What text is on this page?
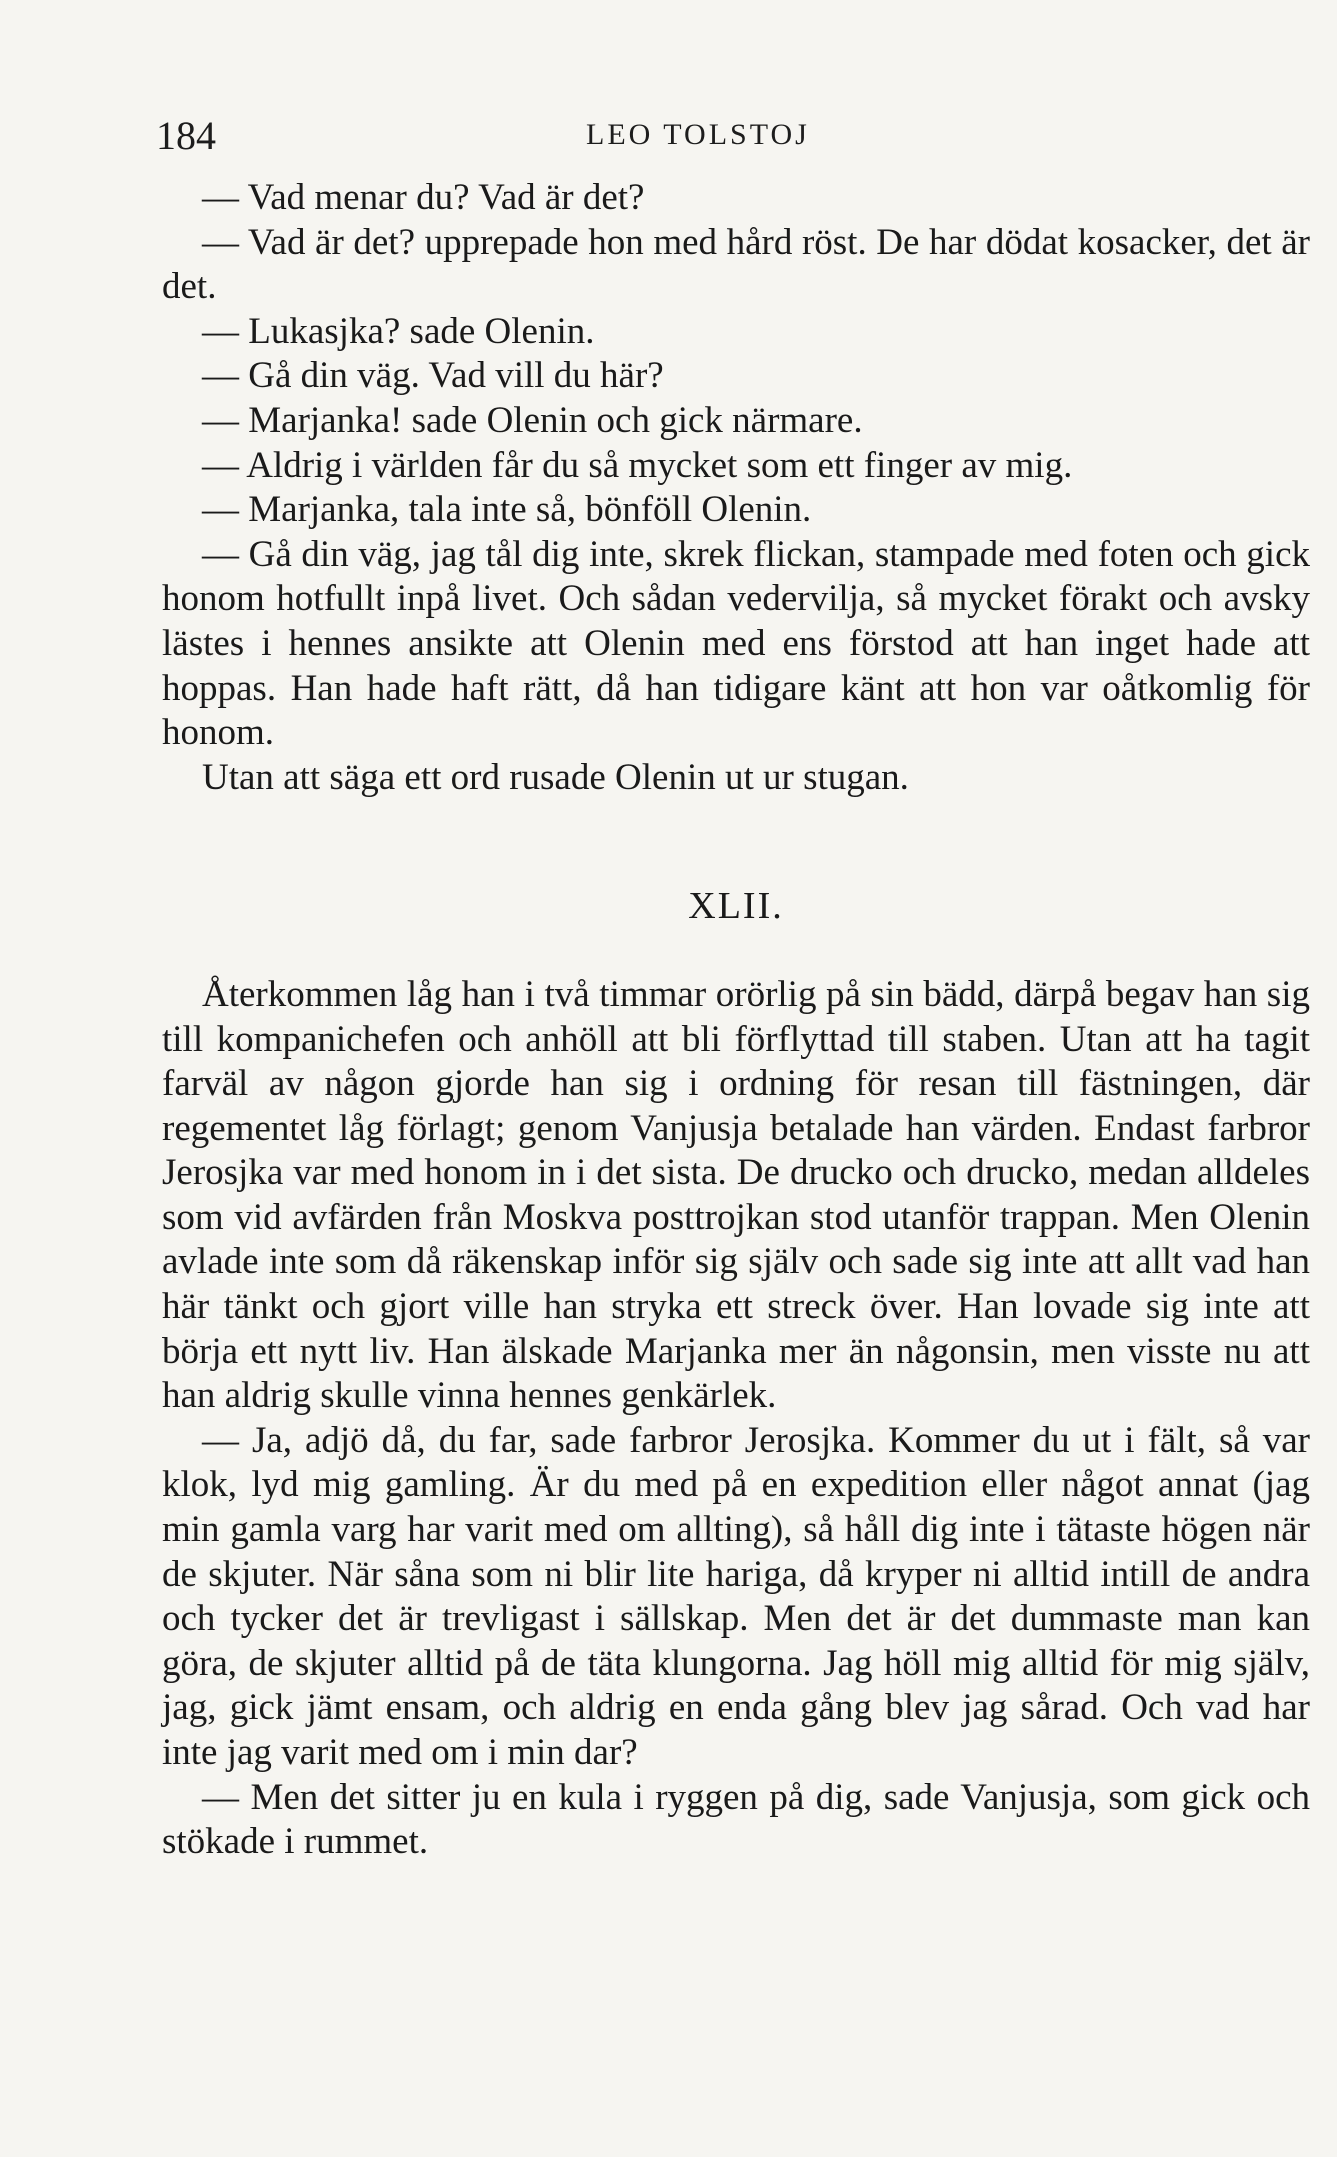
184	LEO TOLSTOJ

— Vad menar du? Vad är det?

— Vad är det? upprepade hon med hård röst. De har dödat kosacker, det är det.

— Lukasjka? sade Olenin.

— Gå din väg. Vad vill du här?

— Marjanka! sade Olenin och gick närmare.

— Aldrig i världen får du så mycket som ett finger av mig.

— Marjanka, tala inte så, bönföll Olenin.

— Gå din väg, jag tål dig inte, skrek flickan, stampade med foten och gick honom hotfullt inpå livet. Och sådan vedervilja, så mycket förakt och avsky lästes i hennes ansikte att Olenin med ens förstod att han inget hade att hoppas. Han hade haft rätt, då han tidigare känt att hon var oåtkomlig för honom.

Utan att säga ett ord rusade Olenin ut ur stugan.

XLII.

Återkommen låg han i två timmar orörlig på sin bädd, därpå begav han sig till kompanichefen och anhöll att bli förflyttad till staben. Utan att ha tagit farväl av någon gjorde han sig i ordning för resan till fästningen, där regementet låg förlagt; genom Vanjusja betalade han värden. Endast farbror Jerosjka var med honom in i det sista. De drucko och drucko, medan alldeles som vid avfärden från Moskva posttrojkan stod utanför trappan. Men Olenin avlade inte som då räkenskap inför sig själv och sade sig inte att allt vad han här tänkt och gjort ville han stryka ett streck över. Han lovade sig inte att börja ett nytt liv. Han älskade Marjanka mer än någonsin, men visste nu att han aldrig skulle vinna hennes genkärlek.

— Ja, adjö då, du far, sade farbror Jerosjka. Kommer du ut i fält, så var klok, lyd mig gamling. Är du med på en expedition eller något annat (jag min gamla varg har varit med om allting), så håll dig inte i tätaste högen när de skjuter. När såna som ni blir lite hariga, då kryper ni alltid intill de andra och tycker det är trevligast i sällskap. Men det är det dummaste man kan göra, de skjuter alltid på de täta klungorna. Jag höll mig alltid för mig själv, jag, gick jämt ensam, och aldrig en enda gång blev jag sårad. Och vad har inte jag varit med om i min dar?

— Men det sitter ju en kula i ryggen på dig, sade Vanjusja, som gick och stökade i rummet.
